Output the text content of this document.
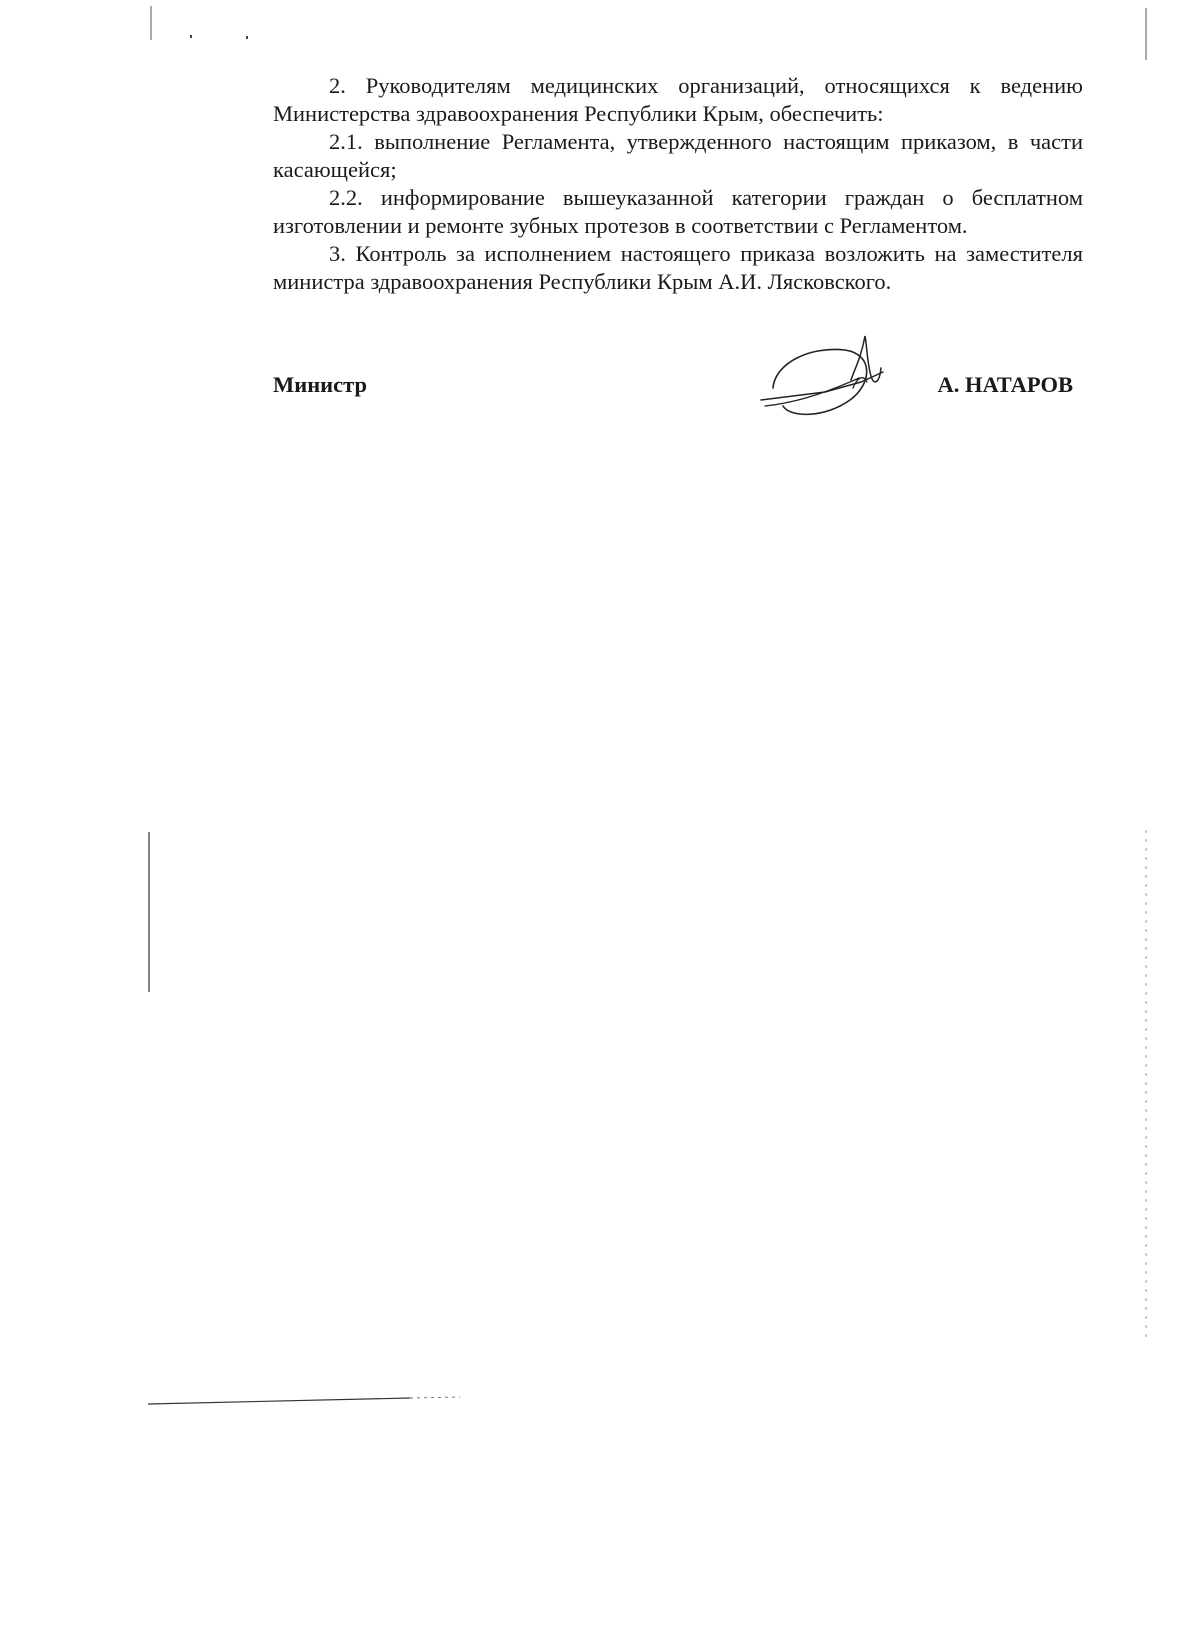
2. Руководителям медицинских организаций, относящихся к ведению Министерства здравоохранения Республики Крым, обеспечить:

2.1. выполнение Регламента, утвержденного настоящим приказом, в части касающейся;

2.2. информирование вышеуказанной категории граждан о бесплатном изготовлении и ремонте зубных протезов в соответствии с Регламентом.

3. Контроль за исполнением настоящего приказа возложить на заместителя министра здравоохранения Республики Крым А.И. Лясковского.

Министр	А. НАТАРОВ
